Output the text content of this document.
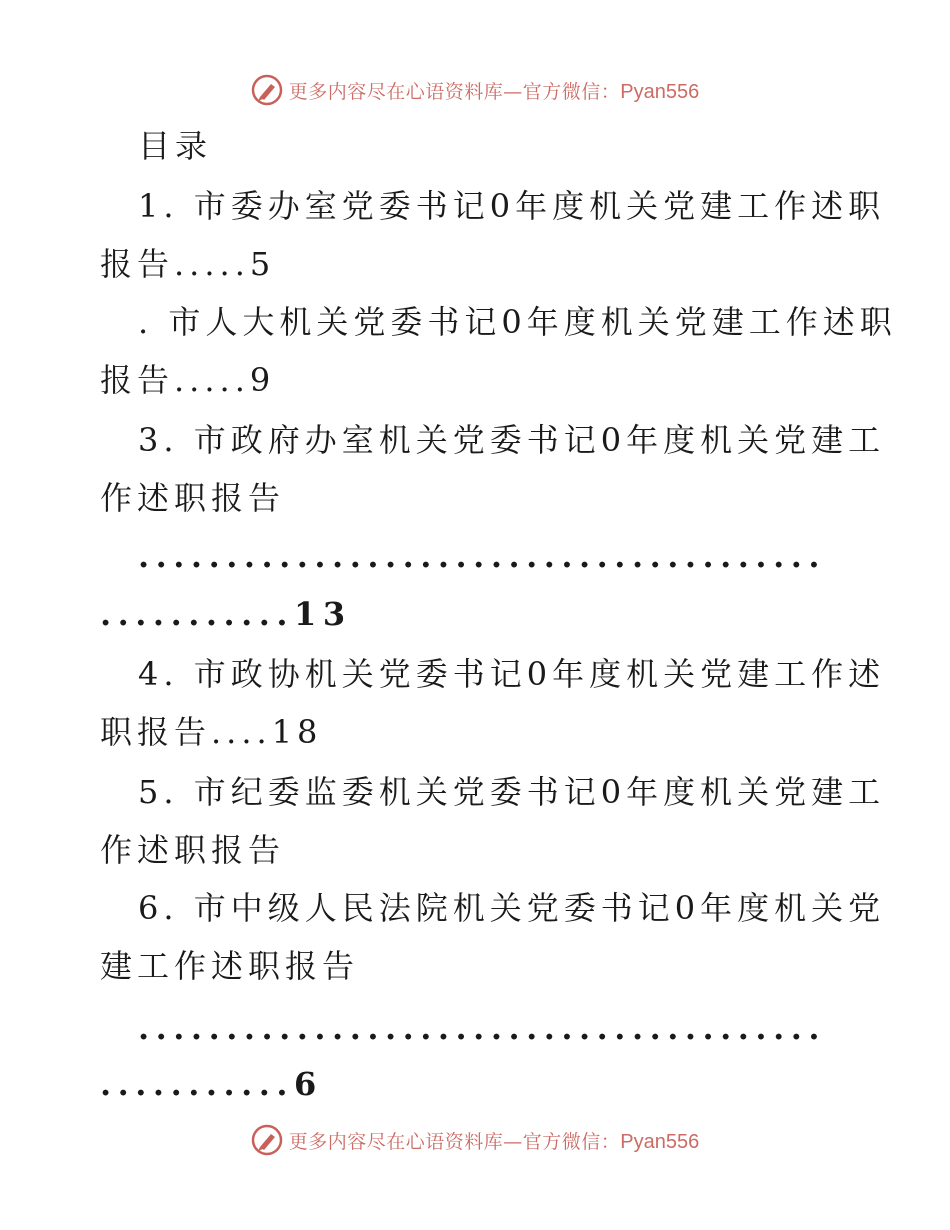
更多内容尽在心语资料库—官方微信：Pyan556
目录
1. 市委办室党委书记0年度机关党建工作述职
报告.....5
. 市人大机关党委书记0年度机关党建工作述职
报告.....9
3. 市政府办室机关党委书记0年度机关党建工
作述职报告
.......................................
...........13
4. 市政协机关党委书记0年度机关党建工作述
职报告....18
5. 市纪委监委机关党委书记0年度机关党建工
作述职报告
6. 市中级人民法院机关党委书记0年度机关党
建工作述职报告
.......................................
...........6
更多内容尽在心语资料库—官方微信：Pyan556
